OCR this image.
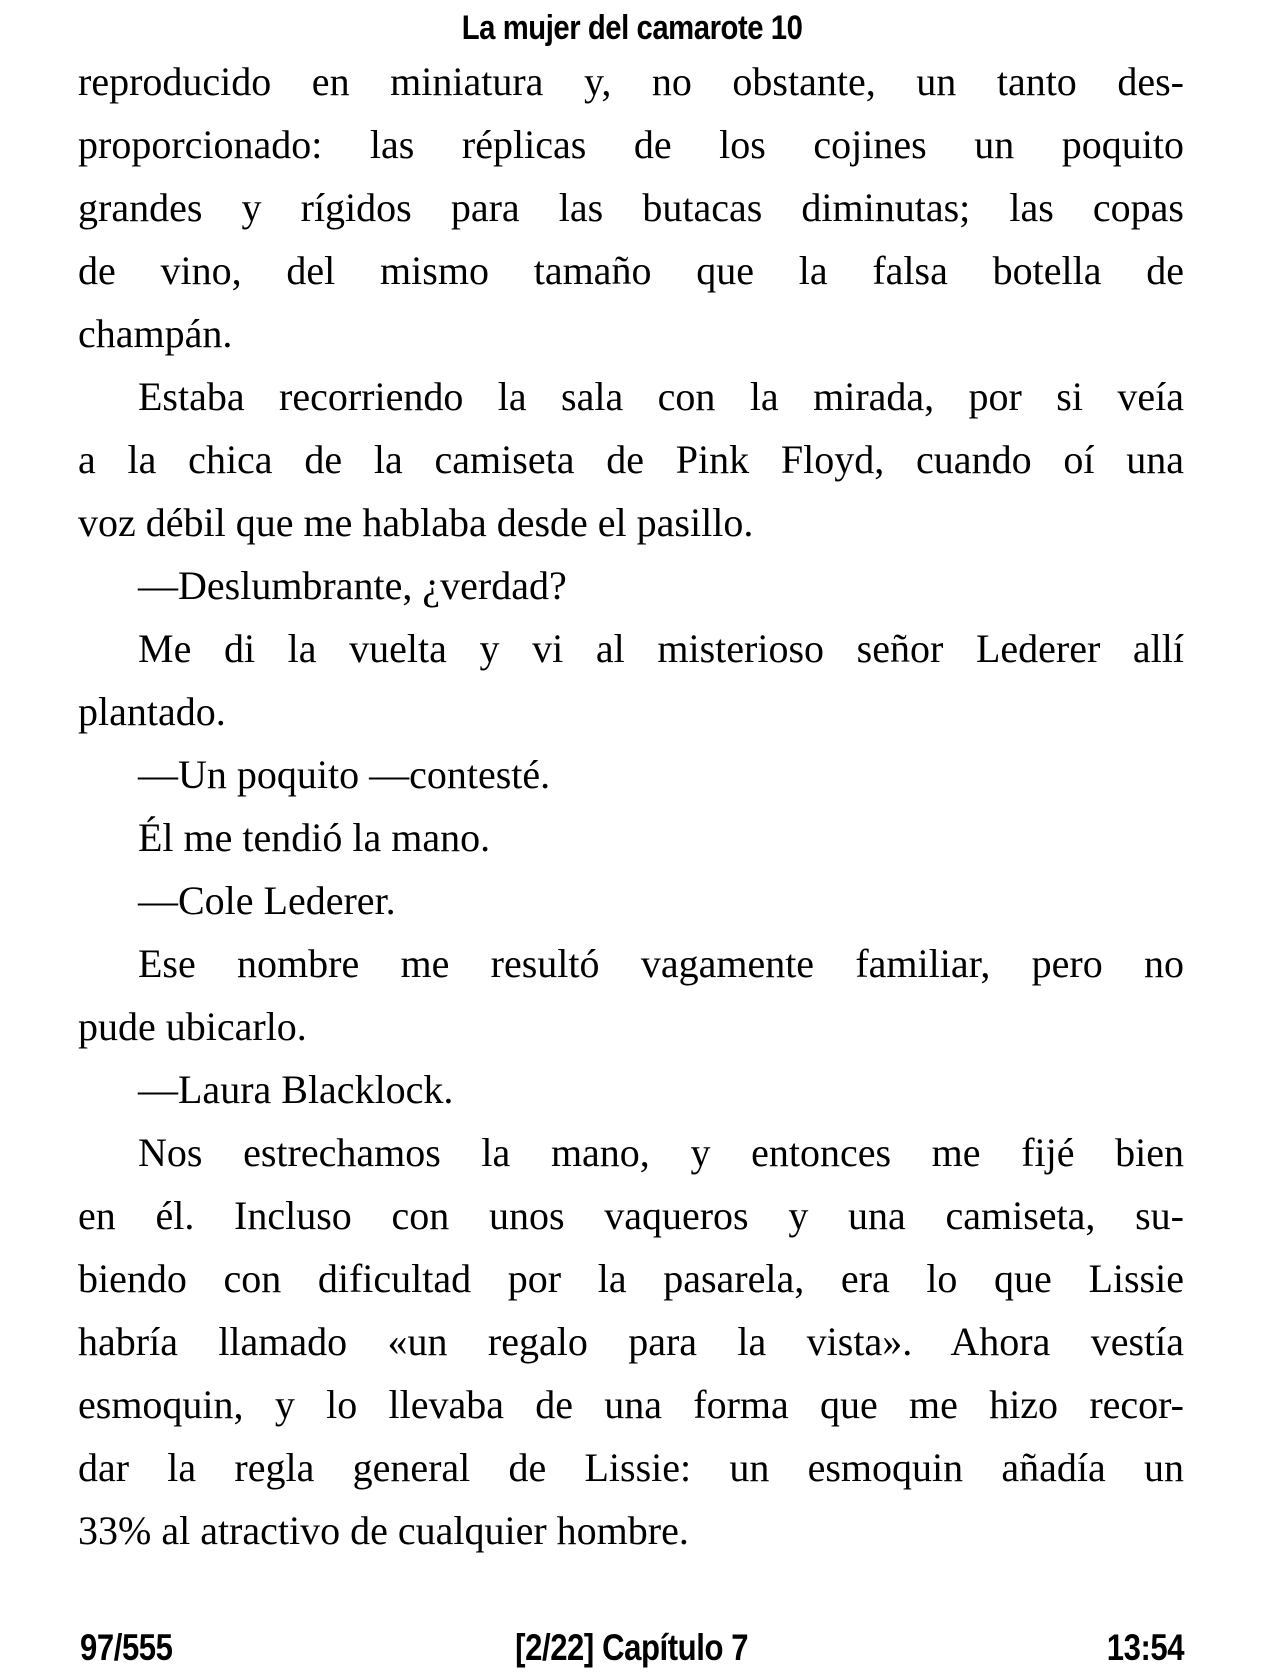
La mujer del camarote 10
reproducido en miniatura y, no obstante, un tanto des-
proporcionado: las réplicas de los cojines un poquito
grandes y rígidos para las butacas diminutas; las copas
de vino, del mismo tamaño que la falsa botella de
champán.
Estaba recorriendo la sala con la mirada, por si veía
a la chica de la camiseta de Pink Floyd, cuando oí una
voz débil que me hablaba desde el pasillo.
—Deslumbrante, ¿verdad?
Me di la vuelta y vi al misterioso señor Lederer allí
plantado.
—Un poquito —contesté.
Él me tendió la mano.
—Cole Lederer.
Ese nombre me resultó vagamente familiar, pero no
pude ubicarlo.
—Laura Blacklock.
Nos estrechamos la mano, y entonces me fijé bien
en él. Incluso con unos vaqueros y una camiseta, su-
biendo con dificultad por la pasarela, era lo que Lissie
habría llamado «un regalo para la vista». Ahora vestía
esmoquin, y lo llevaba de una forma que me hizo recor-
dar la regla general de Lissie: un esmoquin añadía un
33% al atractivo de cualquier hombre.
97/555	[2/22] Capítulo 7	13:54
